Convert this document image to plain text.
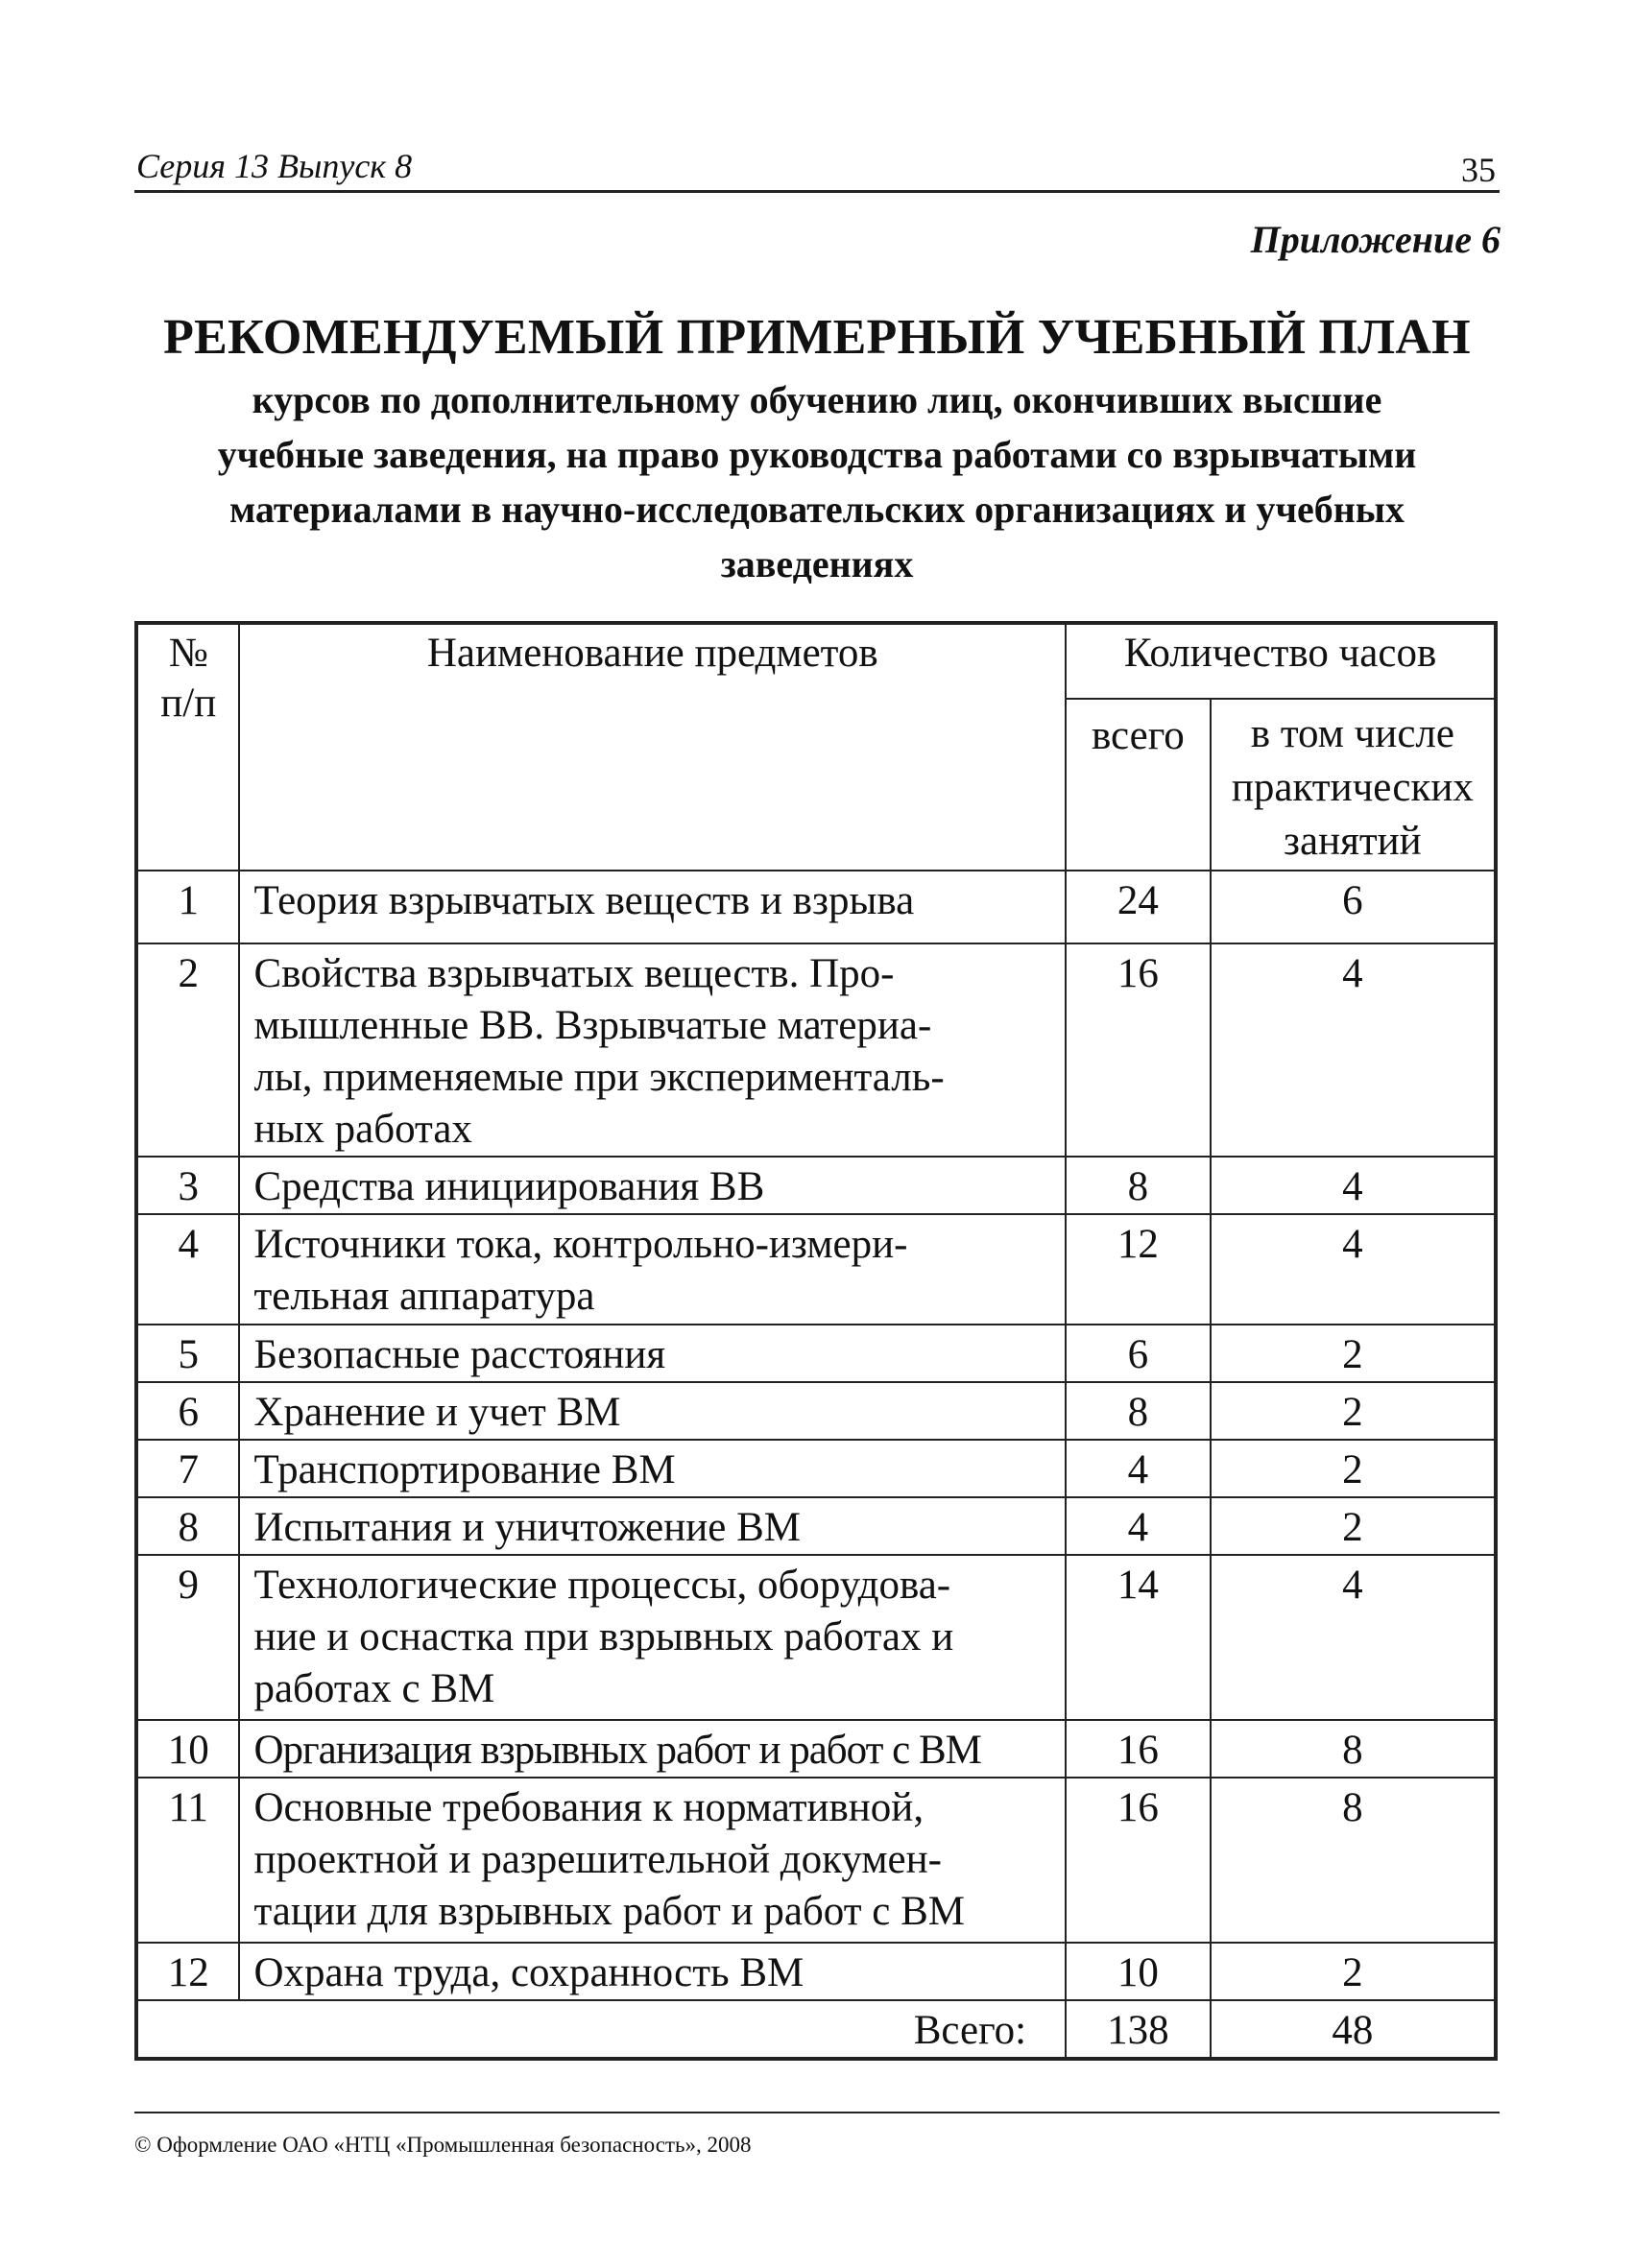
Серия 13 Выпуск 8	35
Приложение 6
РЕКОМЕНДУЕМЫЙ ПРИМЕРНЫЙ УЧЕБНЫЙ ПЛАН
курсов по дополнительному обучению лиц, окончивших высшие
учебные заведения, на право руководства работами со взрывчатыми
материалами в научно-исследовательских организациях и учебных
заведениях
№
п/п	Наименование предметов	Количество часов	
		всего	в том числе
практических
занятий

1	Теория взрывчатых веществ и взрыва	24	6
2	Свойства взрывчатых веществ. Про-
мышленные ВВ. Взрывчатые материа-
лы, применяемые при эксперименталь-
ных работах	16	4
3	Средства инициирования ВВ	8	4
4	Источники тока, контрольно-измери-
тельная аппаратура	12	4
5	Безопасные расстояния	6	2
6	Хранение и учет ВМ	8	2
7	Транспортирование ВМ	4	2
8	Испытания и уничтожение ВМ	4	2
9	Технологические процессы, оборудова-
ние и оснастка при взрывных работах и
работах с ВМ	14	4
10	Организация взрывных работ и работ с ВМ	16	8
11	Основные требования к нормативной,
проектной и разрешительной докумен-
тации для взрывных работ и работ с ВМ	16	8
12	Охрана труда, сохранность ВМ	10	2
Всего:		138	48
© Оформление ОАО «НТЦ «Промышленная безопасность», 2008
